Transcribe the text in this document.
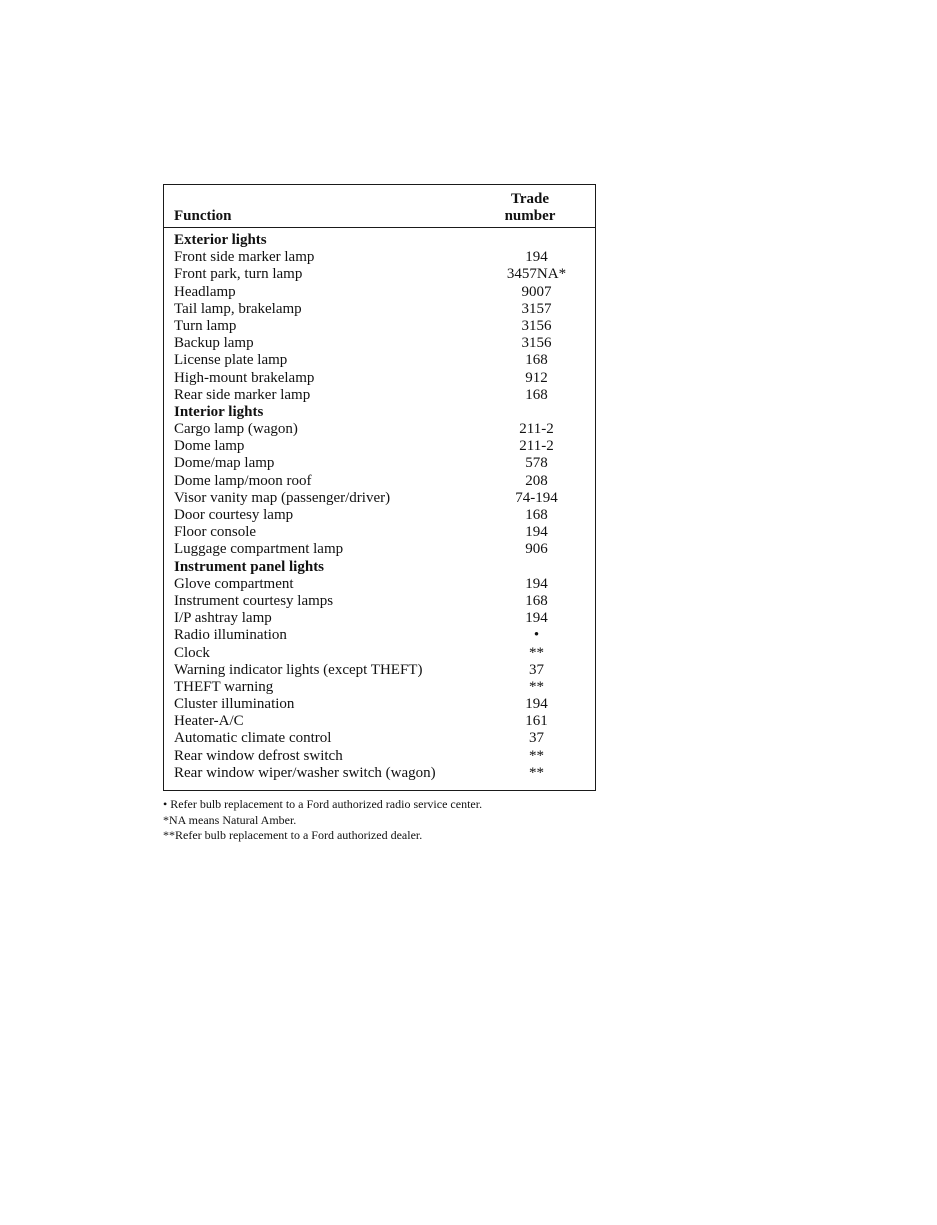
Function
Trade
number
Exterior lights
Front side marker lamp	194
Front park, turn lamp	3457NA*
Headlamp	9007
Tail lamp, brakelamp	3157
Turn lamp	3156
Backup lamp	3156
License plate lamp	168
High-mount brakelamp	912
Rear side marker lamp	168
Interior lights
Cargo lamp (wagon)	211-2
Dome lamp	211-2
Dome/map lamp	578
Dome lamp/moon roof	208
Visor vanity map (passenger/driver)	74-194
Door courtesy lamp	168
Floor console	194
Luggage compartment lamp	906
Instrument panel lights
Glove compartment	194
Instrument courtesy lamps	168
I/P ashtray lamp	194
Radio illumination	•
Clock	**
Warning indicator lights (except THEFT)	37
THEFT warning	**
Cluster illumination	194
Heater-A/C	161
Automatic climate control	37
Rear window defrost switch	**
Rear window wiper/washer switch (wagon)	**
• Refer bulb replacement to a Ford authorized radio service center.
*NA means Natural Amber.
**Refer bulb replacement to a Ford authorized dealer.
